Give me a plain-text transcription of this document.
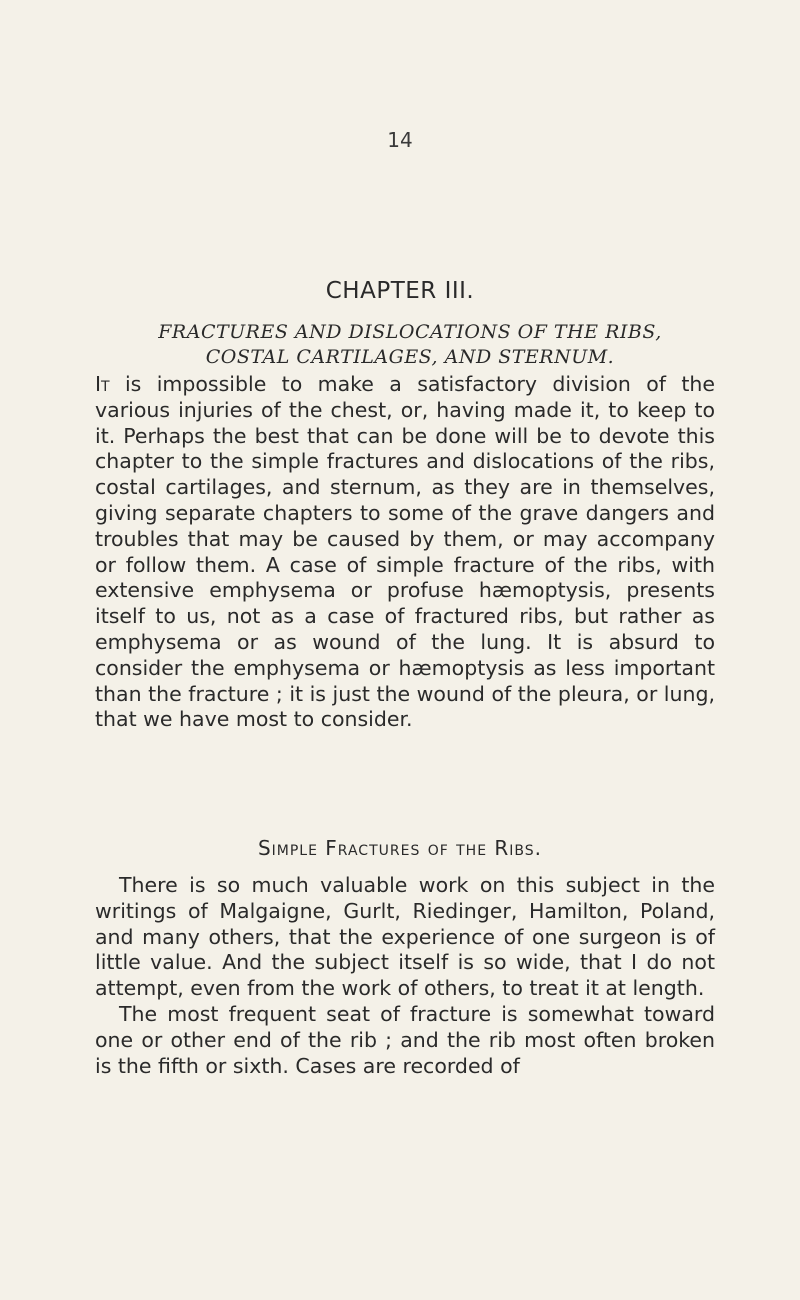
14
CHAPTER III.
FRACTURES AND DISLOCATIONS OF THE RIBS,
COSTAL CARTILAGES, AND STERNUM.

It is impossible to make a satisfactory division of the various injuries of the chest, or, having made it, to keep to it. Perhaps the best that can be done will be to devote this chapter to the simple fractures and dislocations of the ribs, costal cartilages, and sternum, as they are in themselves, giving separate chapters to some of the grave dangers and troubles that may be caused by them, or may accompany or follow them. A case of simple fracture of the ribs, with extensive emphysema or profuse hæmoptysis, presents itself to us, not as a case of fractured ribs, but rather as emphysema or as wound of the lung. It is absurd to consider the emphysema or hæmoptysis as less important than the fracture ; it is just the wound of the pleura, or lung, that we have most to consider.

Simple Fractures of the Ribs.

There is so much valuable work on this subject in the writings of Malgaigne, Gurlt, Riedinger, Hamilton, Poland, and many others, that the experience of one surgeon is of little value. And the subject itself is so wide, that I do not attempt, even from the work of others, to treat it at length.

The most frequent seat of fracture is somewhat toward one or other end of the rib ; and the rib most often broken is the fifth or sixth. Cases are recorded of
